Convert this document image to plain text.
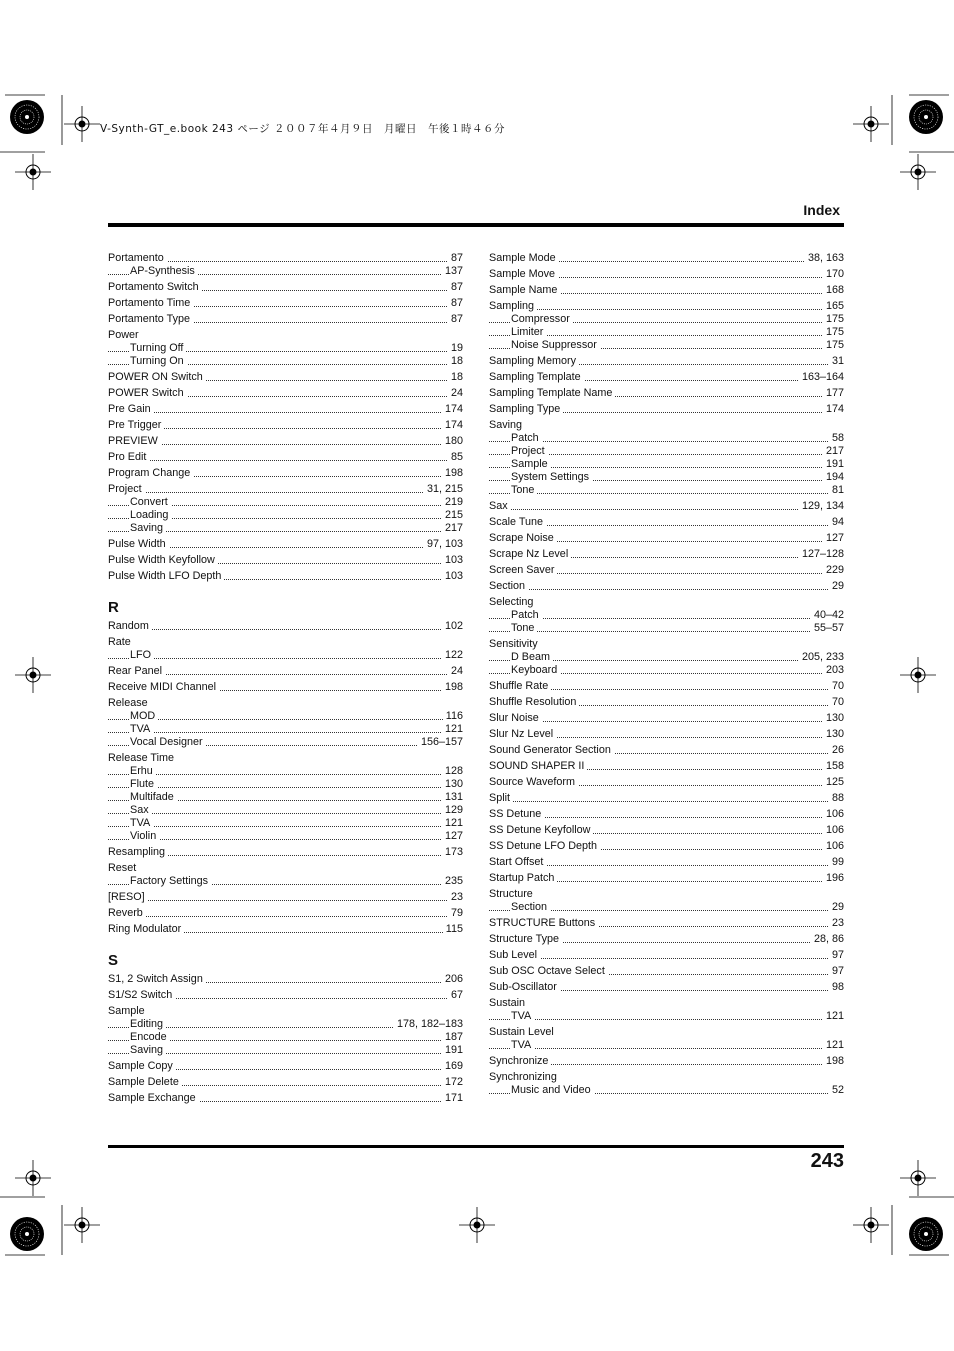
V-Synth-GT_e.book 243 ページ ２００７年４月９日　月曜日　午後１時４６分
Index
Portamento	87
AP-Synthesis	137
Portamento Switch	87
Portamento Time	87
Portamento Type	87
Power
Turning Off	19
Turning On	18
POWER ON Switch	18
POWER Switch	24
Pre Gain	174
Pre Trigger	174
PREVIEW	180
Pro Edit	85
Program Change	198
Project	31, 215
Convert	219
Loading	215
Saving	217
Pulse Width	97, 103
Pulse Width Keyfollow	103
Pulse Width LFO Depth	103
R
Random	102
Rate
LFO	122
Rear Panel	24
Receive MIDI Channel	198
Release
MOD	116
TVA	121
Vocal Designer	156–157
Release Time
Erhu	128
Flute	130
Multifade	131
Sax	129
TVA	121
Violin	127
Resampling	173
Reset
Factory Settings	235
[RESO]	23
Reverb	79
Ring Modulator	115
S
S1, 2 Switch Assign	206
S1/S2 Switch	67
Sample
Editing	178, 182–183
Encode	187
Saving	191
Sample Copy	169
Sample Delete	172
Sample Exchange	171
Sample Mode	38, 163
Sample Move	170
Sample Name	168
Sampling	165
Compressor	175
Limiter	175
Noise Suppressor	175
Sampling Memory	31
Sampling Template	163–164
Sampling Template Name	177
Sampling Type	174
Saving
Patch	58
Project	217
Sample	191
System Settings	194
Tone	81
Sax	129, 134
Scale Tune	94
Scrape Noise	127
Scrape Nz Level	127–128
Screen Saver	229
Section	29
Selecting
Patch	40–42
Tone	55–57
Sensitivity
D Beam	205, 233
Keyboard	203
Shuffle Rate	70
Shuffle Resolution	70
Slur Noise	130
Slur Nz Level	130
Sound Generator Section	26
SOUND SHAPER II	158
Source Waveform	125
Split	88
SS Detune	106
SS Detune Keyfollow	106
SS Detune LFO Depth	106
Start Offset	99
Startup Patch	196
Structure
Section	29
STRUCTURE Buttons	23
Structure Type	28, 86
Sub Level	97
Sub OSC Octave Select	97
Sub-Oscillator	98
Sustain
TVA	121
Sustain Level
TVA	121
Synchronize	198
Synchronizing
Music and Video	52
243
